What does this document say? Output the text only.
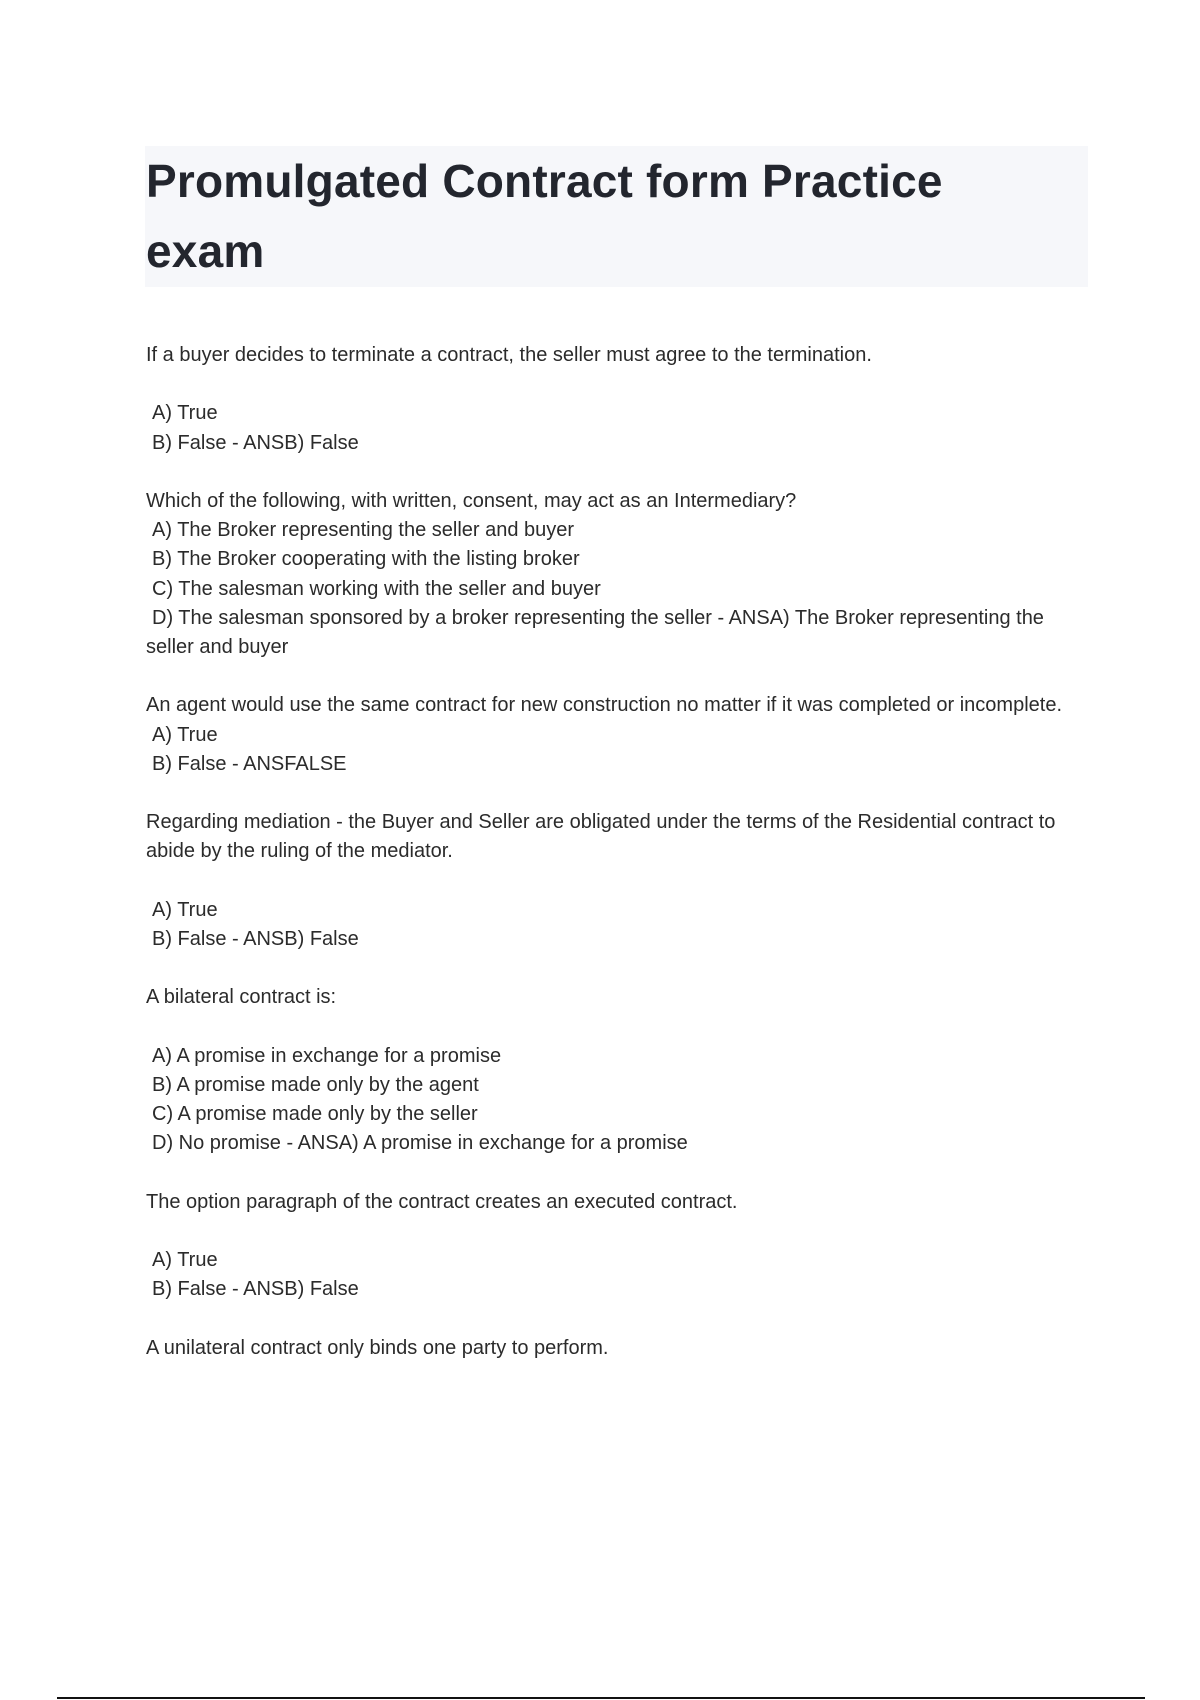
Promulgated Contract form Practice exam

If a buyer decides to terminate a contract, the seller must agree to the termination.

A) True

B) False - ANSB) False

Which of the following, with written, consent, may act as an Intermediary?

A) The Broker representing the seller and buyer

B) The Broker cooperating with the listing broker

C) The salesman working with the seller and buyer

D) The salesman sponsored by a broker representing the seller - ANSA) The Broker representing the seller and buyer

An agent would use the same contract for new construction no matter if it was completed or incomplete.

A) True

B) False - ANSFALSE

Regarding mediation - the Buyer and Seller are obligated under the terms of the Residential contract to abide by the ruling of the mediator.

A) True

B) False - ANSB) False

A bilateral contract is:

A) A promise in exchange for a promise

B) A promise made only by the agent

C) A promise made only by the seller

D) No promise - ANSA) A promise in exchange for a promise

The option paragraph of the contract creates an executed contract.

A) True

B) False - ANSB) False

A unilateral contract only binds one party to perform.
